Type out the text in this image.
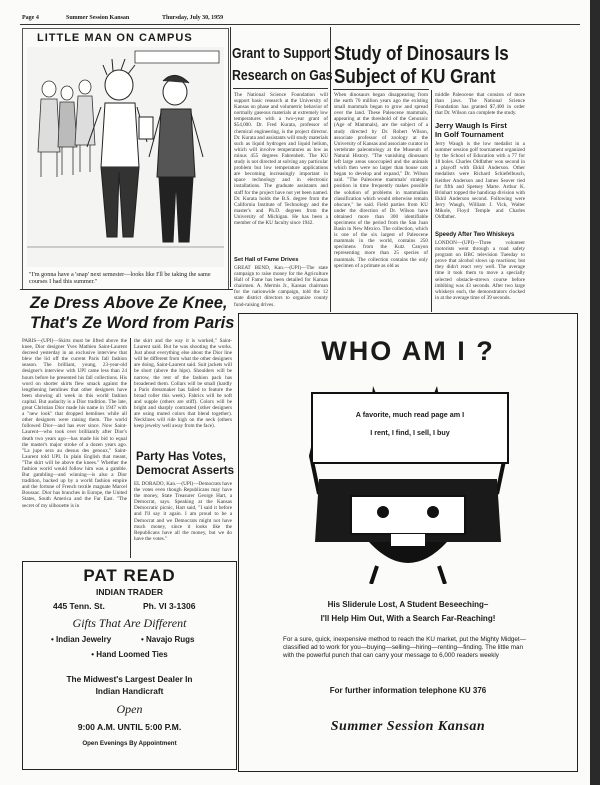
Page 4	Summer Session Kansan	Thursday, July 30, 1959
LITTLE MAN ON CAMPUS
"I'm gonna have a 'snap' next semester—looks like I'll be taking the same courses I had this summer."
Grant to Support
Research on Gas
The National Science Foundation will support basic research at the University of Kansas on phase and volumetric behavior of normally gaseous materials at extremely low temperatures with a two-year grant of $54,000. Dr. Fred Kurata, professor of chemical engineering, is the project director. Dr. Kurata and assistants will study materials such as liquid hydrogen and liquid helium, which will involve temperatures as low as minus 455 degrees Fahrenheit. The KU study is not directed at solving any particular problem but low temperature applications are becoming increasingly important in space technology and in electronic installations. The graduate assistants and staff for the project have not yet been named. Dr. Kurata holds the B.S. degree from the California Institute of Technology and the master's and Ph.D. degrees from the University of Michigan. He has been a member of the KU faculty since 1942.
Set Hall of Fame Drives
GREAT BEND, Kan.—(UPI)—The state campaign to raise money for the Agriculture Hall of Fame has been detailed for Kansas chairmen. A. Mermis Jr., Kansas chairman for the nationwide campaign, told the 12 state district directors to organize county fund-raising drives.
Study of Dinosaurs Is
Subject of KU Grant
When dinosaurs began disappearing from the earth 70 million years ago the existing small mammals began to grow and spread over the land. These Paleocene mammals, appearing at the threshold of the Cenozoic (Age of Mammals), are the subject of a study directed by Dr. Robert Wilson, associate professor of zoology at the University of Kansas and associate curator in vertebrate paleontology at the Museum of Natural History. "The vanishing dinosaurs left large areas unoccupied and the animals which then were no larger than house cats began to develop and expand," Dr. Wilson said. "The Paleocene mammals' strategic position in time frequently makes possible the solution of problems in mammalian classification which would otherwise remain obscure," he said. Field parties from KU under the direction of Dr. Wilson have obtained more than 300 identifiable specimens of the period from the San Juan Basin in New Mexico. The collection, which is one of the six largest of Paleocene mammals in the world, contains 250 specimens from the Kutz Canyon representing more than 25 species of mammals. The collection contains the only specimen of a primate as old as
middle Paleocene that consists of more than jaws. The National Science Foundation has granted $7,400 in order that Dr. Wilson can complete the study.
Jerry Waugh Is First
In Golf Tournament
Jerry Waugh is the low medalist in a summer session golf tournament organized by the School of Education with a 77 for 18 holes. Charles Oldfather won second in a playoff with Ekkil Anderson. Other medalists were Richard Schiefelbusch, Keither Anderson and James Seaver tied for fifth and Spetsey Marte. Arthur K. Brinhart topped the handicap division with Ekkil Anderson second. Following were Jerry Waugh, William J. Vick, Walter Mikole, Floyd Temple and Charles Oldfather.
Speedy After Two Whiskeys
LONDON—(UPI)—Three volunteer motorists went through a road safety program on BBC television Tuesday to prove that alcohol slows up reactions; but they didn't react very well. The average time it took them to move a specially selected obstacle-strewn course before imbibing was 43 seconds. After two large whiskeys each, the demonstrators clocked in at the average time of 39 seconds.
Ze Dress Above Ze Knee,
That's Ze Word from Paris
PARIS—(UPI)—Skirts must be lifted above the knee, Dior designer Yves Mathieu Saint-Laurent decreed yesterday in an exclusive interview that blew the lid off the current Paris fall fashion season. The brilliant, young, 23-year-old designer's interview with UPI came less than 24 hours before he presented his fall collections. His word on shorter skirts flew smack against the lengthening hemlines that other designers have been showing all week in this world fashion capital. But audacity is a Dior tradition. The late, great Christian Dior made his name in 1947 with a "new look" that dropped hemlines while all other designers were raising them. The world followed Dior—and has ever since. Now Saint-Laurent—who took over brilliantly after Dior's death two years ago—has made his bid to equal the master's major stroke of a dozen years ago. "La jupe sera au dessus des genoux," Saint-Laurent told UPI. In plain English that meant, "The skirt will be above the knees." Whether the fashion world would follow him was a gamble. But gambling—and winning—is also a Dior tradition, backed up by a world fashion empire and the fortune of French textile magnate Marcel Boussac. Dior has branches in Europe, the United States, South America and the Far East. "The secret of my silhouette is in
the skirt and the way it is worked," Saint-Laurent said. But he was shooting the works. Just about everything else about the Dior line will be different from what the other designers are doing, Saint-Laurent said. Suit jackets will be short (above the hips). Shoulders will be narrow, the rest of the fashion pack has broadened them. Collars will be small (hardly a Paris dressmaker has failed to feature the broad roller this week). Fabrics will be soft and supple (others are stiff). Colors will be bright and sharply contrasted (other designers are using muted colors that blend together). Necklines will ride high on the neck (others keep jewelry well away from the face).
Party Has Votes,
Democrat Asserts
EL DORADO, Kan.—(UPI)—Democrats have the votes even though Republicans may have the money, State Treasurer George Hart, a Democrat, says. Speaking at the Kansas Democratic picnic, Hart said, "I said it before and I'll say it again. I am proud to be a Democrat and we Democrats might not have much money, since it looks like the Republicans have all the money, but we do have the votes."
PAT READ
INDIAN TRADER
445 Tenn. St.	Ph. VI 3-1306
Gifts That Are Different
• Indian Jewelry	• Navajo Rugs
• Hand Loomed Ties
The Midwest's Largest Dealer In
Indian Handicraft
Open
9:00 A.M. UNTIL 5:00 P.M.
Open Evenings By Appointment
WHO AM I ?
A favorite, much read page am I
I rent, I find, I sell, I buy
His Sliderule Lost, A Student Beseeching–
I'll Help Him Out, With a Search Far-Reaching!
For a sure, quick, inexpensive method to reach the KU market, put the Mighty Midget—classified ad to work for you—buying—selling—hiring—renting—finding. The little man with the powerful punch that can carry your message to 6,000 readers weekly
For further information telephone KU 376
Summer Session Kansan
